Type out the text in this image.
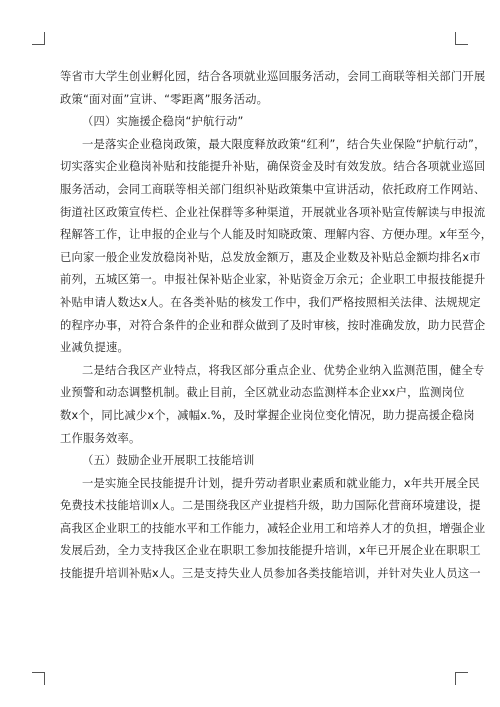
等省市大学生创业孵化园，结合各项就业巡回服务活动，会同工商联等相关部门开展
政策“面对面”宣讲、“零距离”服务活动。
（四）实施援企稳岗“护航行动”
一是落实企业稳岗政策，最大限度释放政策“红利”，结合失业保险“护航行动”，
切实落实企业稳岗补贴和技能提升补贴，确保资金及时有效发放。结合各项就业巡回
服务活动，会同工商联等相关部门组织补贴政策集中宣讲活动，依托政府工作网站、
街道社区政策宣传栏、企业社保群等多种渠道，开展就业各项补贴宣传解读与申报流
程解答工作，让申报的企业与个人能及时知晓政策、理解内容、方便办理。x年至今，
已向家一般企业发放稳岗补贴，总发放金额万，惠及企业数及补贴总金额均排名x市
前列，五城区第一。申报社保补贴企业家，补贴资金万余元；企业职工申报技能提升
补贴申请人数达x人。在各类补贴的核发工作中，我们严格按照相关法律、法规规定
的程序办事，对符合条件的企业和群众做到了及时审核，按时准确发放，助力民营企
业减负提速。
二是结合我区产业特点，将我区部分重点企业、优势企业纳入监测范围，健全专
业预警和动态调整机制。截止目前，全区就业动态监测样本企业xx户，监测岗位
数x个，同比减少x个，减幅x.%，及时掌握企业岗位变化情况，助力提高援企稳岗
工作服务效率。
（五）鼓励企业开展职工技能培训
一是实施全民技能提升计划，提升劳动者职业素质和就业能力，x年共开展全民
免费技术技能培训x人。二是围绕我区产业提档升级，助力国际化营商环境建设，提
高我区企业职工的技能水平和工作能力，减轻企业用工和培养人才的负担，增强企业
发展后劲，全力支持我区企业在职职工参加技能提升培训，x年已开展企业在职职工
技能提升培训补贴x人。三是支持失业人员参加各类技能培训，并针对失业人员这一
